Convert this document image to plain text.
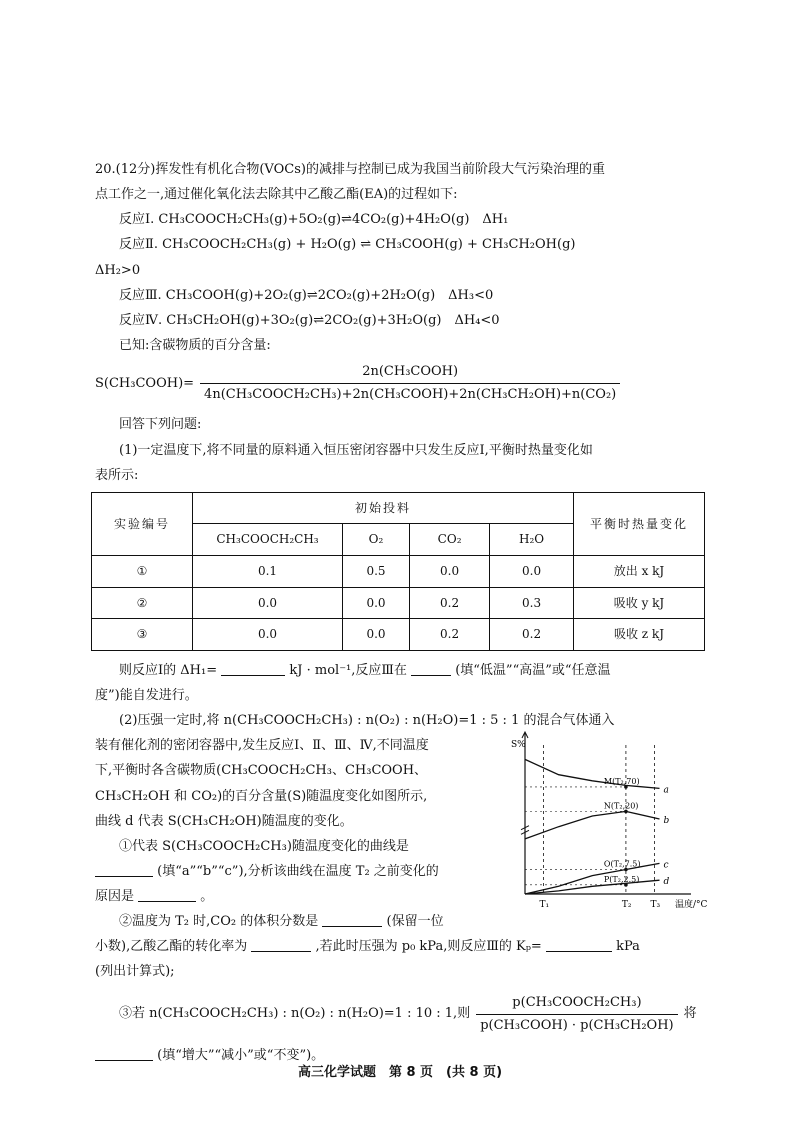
20.(12分)挥发性有机化合物(VOCs)的减排与控制已成为我国当前阶段大气污染治理的重

点工作之一,通过催化氧化法去除其中乙酸乙酯(EA)的过程如下:

反应Ⅰ. CH₃COOCH₂CH₃(g)+5O₂(g)⇌4CO₂(g)+4H₂O(g)　ΔH₁

反应Ⅱ. CH₃COOCH₂CH₃(g) + H₂O(g) ⇌ CH₃COOH(g) + CH₃CH₂OH(g)

ΔH₂>0

反应Ⅲ. CH₃COOH(g)+2O₂(g)⇌2CO₂(g)+2H₂O(g)　ΔH₃<0

反应Ⅳ. CH₃CH₂OH(g)+3O₂(g)⇌2CO₂(g)+3H₂O(g)　ΔH₄<0

已知:含碳物质的百分含量:

S(CH₃COOH)= $\frac{\text{2n(CH₃COOH)}}{\text{4n(CH₃COOCH₂CH₃)+2n(CH₃COOH)+2n(CH₃CH₂OH)+n(CO₂)}}$

回答下列问题:

(1)一定温度下,将不同量的原料通入恒压密闭容器中只发生反应Ⅰ,平衡时热量变化如

表所示:

实验编号	初始投料				平衡时热量变化
	CH₃COOCH₂CH₃	O₂	CO₂	H₂O	
①	0.1	0.5	0.0	0.0	放出 x kJ
②	0.0	0.0	0.2	0.3	吸收 y kJ
③	0.0	0.0	0.2	0.2	吸收 z kJ

则反应Ⅰ的 ΔH₁=	kJ · mol⁻¹,反应Ⅲ在	(填“低温”“高温”或“任意温

度”)能自发进行。

(2)压强一定时,将 n(CH₃COOCH₂CH₃) : n(O₂) : n(H₂O)=1 : 5 : 1 的混合气体通入

装有催化剂的密闭容器中,发生反应Ⅰ、Ⅱ、Ⅲ、Ⅳ,不同温度

下,平衡时各含碳物质(CH₃COOCH₂CH₃、CH₃COOH、

CH₃CH₂OH 和 CO₂)的百分含量(S)随温度变化如图所示,

曲线 d 代表 S(CH₃CH₂OH)随温度的变化。

①代表 S(CH₃COOCH₂CH₃)随温度变化的曲线是

(填“a”“b”“c”),分析该曲线在温度 T₂ 之前变化的

原因是	。

②温度为 T₂ 时,CO₂ 的体积分数是	(保留一位

小数),乙酸乙酯的转化率为	,若此时压强为 p₀ kPa,则反应Ⅲ的 Kₚ=	kPa

(列出计算式);

③若 n(CH₃COOCH₂CH₃) : n(O₂) : n(H₂O)=1 : 10 : 1,则 $\frac{\text{p(CH₃COOCH₂CH₃)}}{\text{p(CH₃COOH) · p(CH₃CH₂OH)}}$ 将

(填“增大”“减小”或“不变”)。

S%
温度/°C
T₁	T₂ T₃
a
b
c
d
M(T₂,70)
N(T₂,20)
O(T₂,7.5)
P(T₂,2.5)
高三化学试题　第 8 页　(共 8 页)
